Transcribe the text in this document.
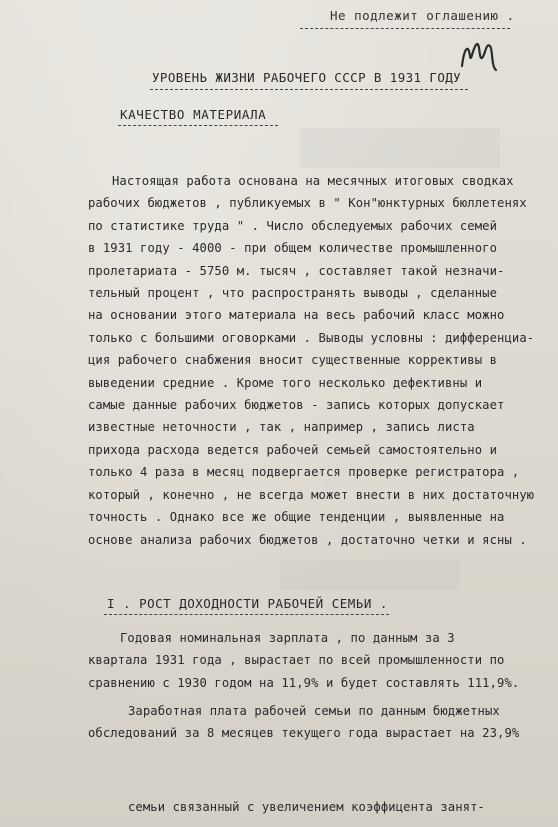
Не подлежит оглашению .
УРОВЕНЬ ЖИЗНИ РАБОЧЕГО СССР В 1931 ГОДУ
КАЧЕСТВО МАТЕРИАЛА
Настоящая работа основана на месячных итоговых сводках
рабочих бюджетов , публикуемых в " Кон"юнктурных бюллетенях
по статистике труда " . Число обследуемых рабочих семей
в 1931 году - 4000 - при общем количестве промышленного
пролетариата - 5750 м. тысяч , составляет такой незначи-
тельный процент , что распространять выводы , сделанные
на основании этого материала на весь рабочий класс можно
только с большими оговорками . Выводы условны : дифференциа-
ция рабочего снабжения вносит существенные коррективы в
выведении средние . Кроме того несколько дефективны и
самые данные рабочих бюджетов - запись которых допускает
известные неточности , так , например , запись листа
прихода расхода ведется рабочей семьей самостоятельно и
только 4 раза в месяц подвергается проверке регистратора ,
который , конечно , не всегда может внести в них достаточную
точность . Однако все же общие тенденции , выявленные на
основе анализа рабочих бюджетов , достаточно четки и ясны .
I . РОСТ ДОХОДНОСТИ РАБОЧЕЙ СЕМЬИ .
Годовая номинальная зарплата , по данным за 3
квартала 1931 года , вырастает по всей промышленности по
сравнению с 1930 годом на 11,9% и будет составлять 111,9%.
Заработная плата рабочей семьи по данным бюджетных
обследований за 8 месяцев текущего года вырастает на 23,9%
семьи связанный с увеличением коэффицента занят-
